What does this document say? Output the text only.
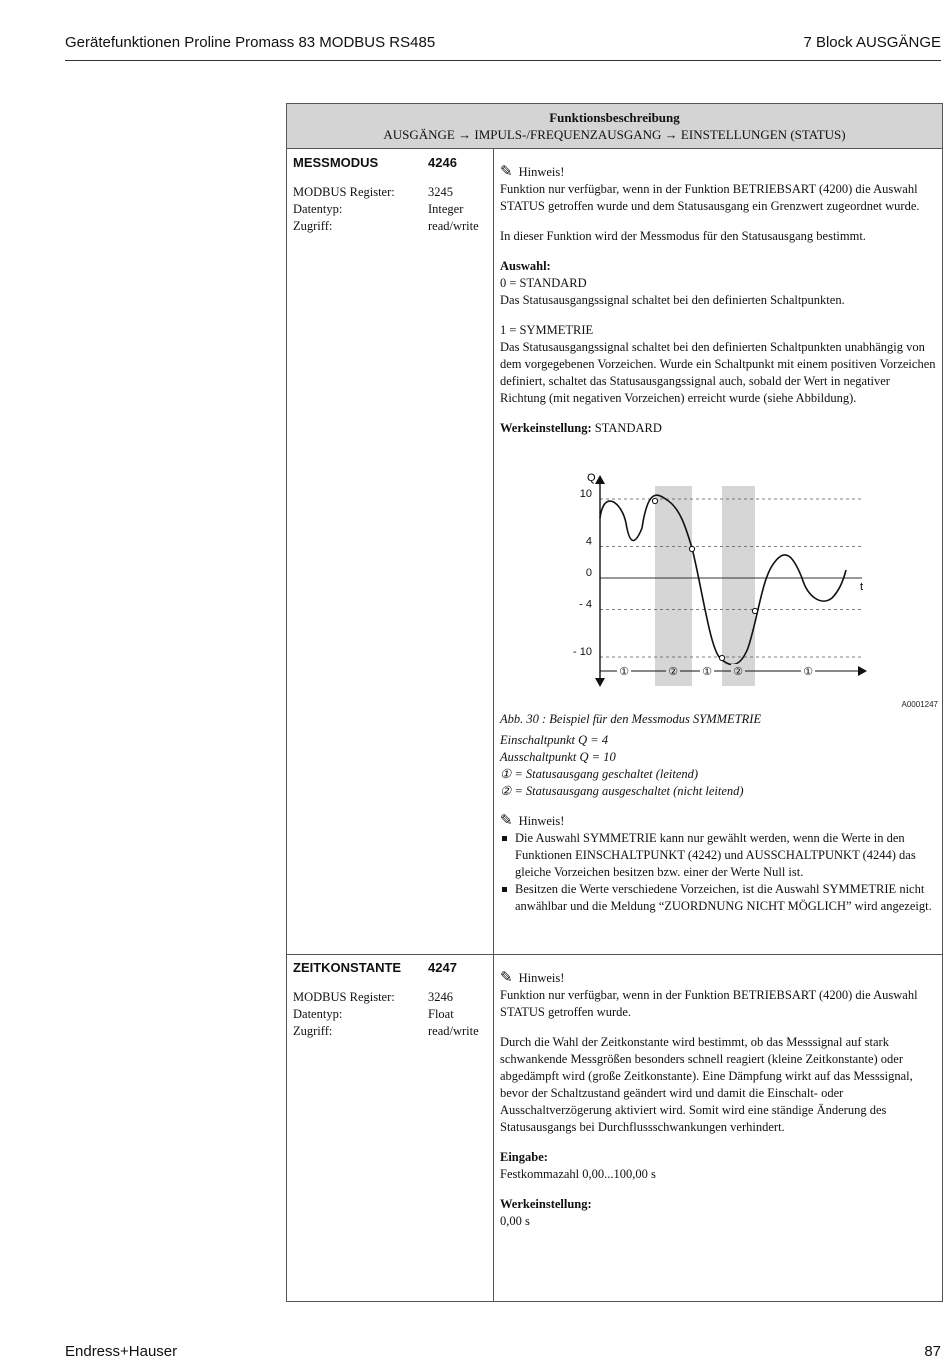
Gerätefunktionen Proline Promass 83 MODBUS RS485	7 Block AUSGÄNGE
Funktionsbeschreibung
AUSGÄNGE → IMPULS-/FREQUENZAUSGANG → EINSTELLUNGEN (STATUS)
MESSMODUS	4246
MODBUS Register:	3245
Datentyp:	Integer
Zugriff:	read/write
✎ Hinweis!

Funktion nur verfügbar, wenn in der Funktion BETRIEBSART (4200) die Auswahl STATUS getroffen wurde und dem Statusausgang ein Grenzwert zugeordnet wurde.

In dieser Funktion wird der Messmodus für den Statusausgang bestimmt.

Auswahl:
0 = STANDARD

Das Statusausgangssignal schaltet bei den definierten Schaltpunkten.

1 = SYMMETRIE

Das Statusausgangssignal schaltet bei den definierten Schaltpunkten unabhängig von dem vorgegebenen Vorzeichen. Wurde ein Schaltpunkt mit einem positiven Vorzeichen definiert, schaltet das Statusausgangssignal auch, sobald der Wert in negativer Richtung (mit negativen Vorzeichen) erreicht wurde (siehe Abbildung).

Werkeinstellung: STANDARD

10
4
0
- 4
- 10
Q
t
①	② ① ②	①
A0001247
Abb. 30 : Beispiel für den Messmodus SYMMETRIE
Einschaltpunkt Q = 4
Ausschaltpunkt Q = 10
① = Statusausgang geschaltet (leitend)
② = Statusausgang ausgeschaltet (nicht leitend)
✎ Hinweis!
Die Auswahl SYMMETRIE kann nur gewählt werden, wenn die Werte in den Funktionen EINSCHALTPUNKT (4242) und AUSSCHALTPUNKT (4244) das gleiche Vorzeichen besitzen bzw. einer der Werte Null ist.
Besitzen die Werte verschiedene Vorzeichen, ist die Auswahl SYMMETRIE nicht anwählbar und die Meldung “ZUORDNUNG NICHT MÖGLICH” wird angezeigt.
ZEITKONSTANTE 4247
MODBUS Register:	3246
Datentyp:	Float
Zugriff:	read/write
✎ Hinweis!

Funktion nur verfügbar, wenn in der Funktion BETRIEBSART (4200) die Auswahl STATUS getroffen wurde.

Durch die Wahl der Zeitkonstante wird bestimmt, ob das Messsignal auf stark schwankende Messgrößen besonders schnell reagiert (kleine Zeitkonstante) oder abgedämpft wird (große Zeitkonstante). Eine Dämpfung wirkt auf das Messsignal, bevor der Schaltzustand geändert wird und damit die Einschalt- oder Ausschaltverzögerung aktiviert wird. Somit wird eine ständige Änderung des Statusausgangs bei Durchflussschwankungen verhindert.

Eingabe:

Festkommazahl 0,00...100,00 s

Werkeinstellung:
0,00 s
Endress+Hauser	87
